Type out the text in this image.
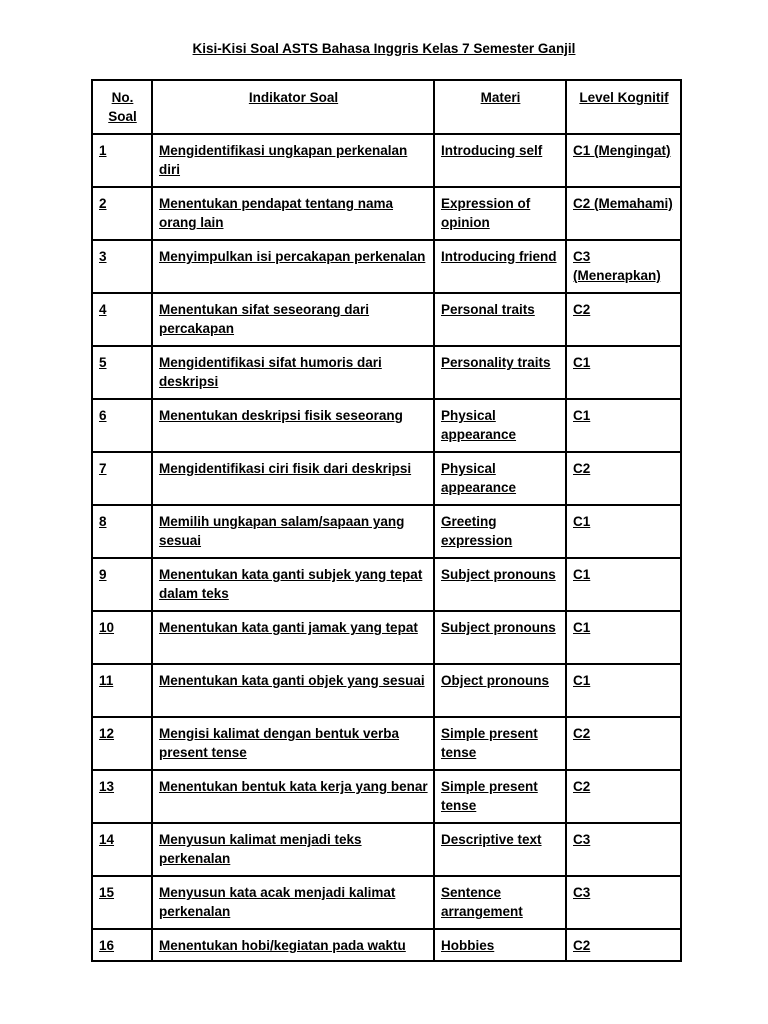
Kisi-Kisi Soal ASTS Bahasa Inggris Kelas 7 Semester Ganjil
No. Soal	Indikator Soal	Materi	Level Kognitif
1	Mengidentifikasi ungkapan perkenalan diri	Introducing self	C1 (Mengingat)
2	Menentukan pendapat tentang nama orang lain	Expression of opinion	C2 (Memahami)
3	Menyimpulkan isi percakapan perkenalan	Introducing friend	C3 (Menerapkan)
4	Menentukan sifat seseorang dari percakapan	Personal traits	C2
5	Mengidentifikasi sifat humoris dari deskripsi	Personality traits	C1
6	Menentukan deskripsi fisik seseorang	Physical appearance	C1
7	Mengidentifikasi ciri fisik dari deskripsi	Physical appearance	C2
8	Memilih ungkapan salam/sapaan yang sesuai	Greeting expression	C1
9	Menentukan kata ganti subjek yang tepat dalam teks	Subject pronouns	C1
10	Menentukan kata ganti jamak yang tepat	Subject pronouns	C1
11	Menentukan kata ganti objek yang sesuai	Object pronouns	C1
12	Mengisi kalimat dengan bentuk verba present tense	Simple present tense	C2
13	Menentukan bentuk kata kerja yang benar	Simple present tense	C2
14	Menyusun kalimat menjadi teks perkenalan	Descriptive text	C3
15	Menyusun kata acak menjadi kalimat perkenalan	Sentence arrangement	C3
16	Menentukan hobi/kegiatan pada waktu	Hobbies	C2
